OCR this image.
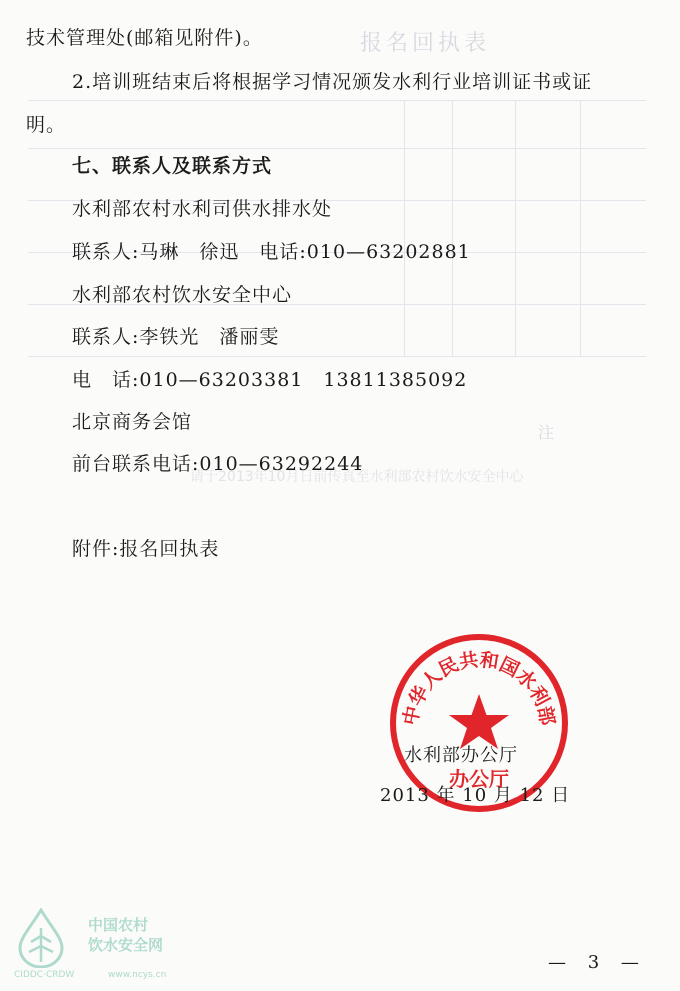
报名回执表
注
请于2013年10月日前传真至水利部农村饮水安全中心
技术管理处(邮箱见附件)。
2.培训班结束后将根据学习情况颁发水利行业培训证书或证
明。
七、联系人及联系方式
水利部农村水利司供水排水处
联系人:马琳　徐迅　电话:010—63202881
水利部农村饮水安全中心
联系人:李铁光　潘丽雯
电　话:010—63203381　13811385092
北京商务会馆
前台联系电话:010—63292244
附件:报名回执表
中华人民共和国水利部
办公厅
水利部办公厅
2013 年 10 月 12 日
中国农村
饮水安全网
CIDDC·CRDW	www.ncys.cn
— 3 —
